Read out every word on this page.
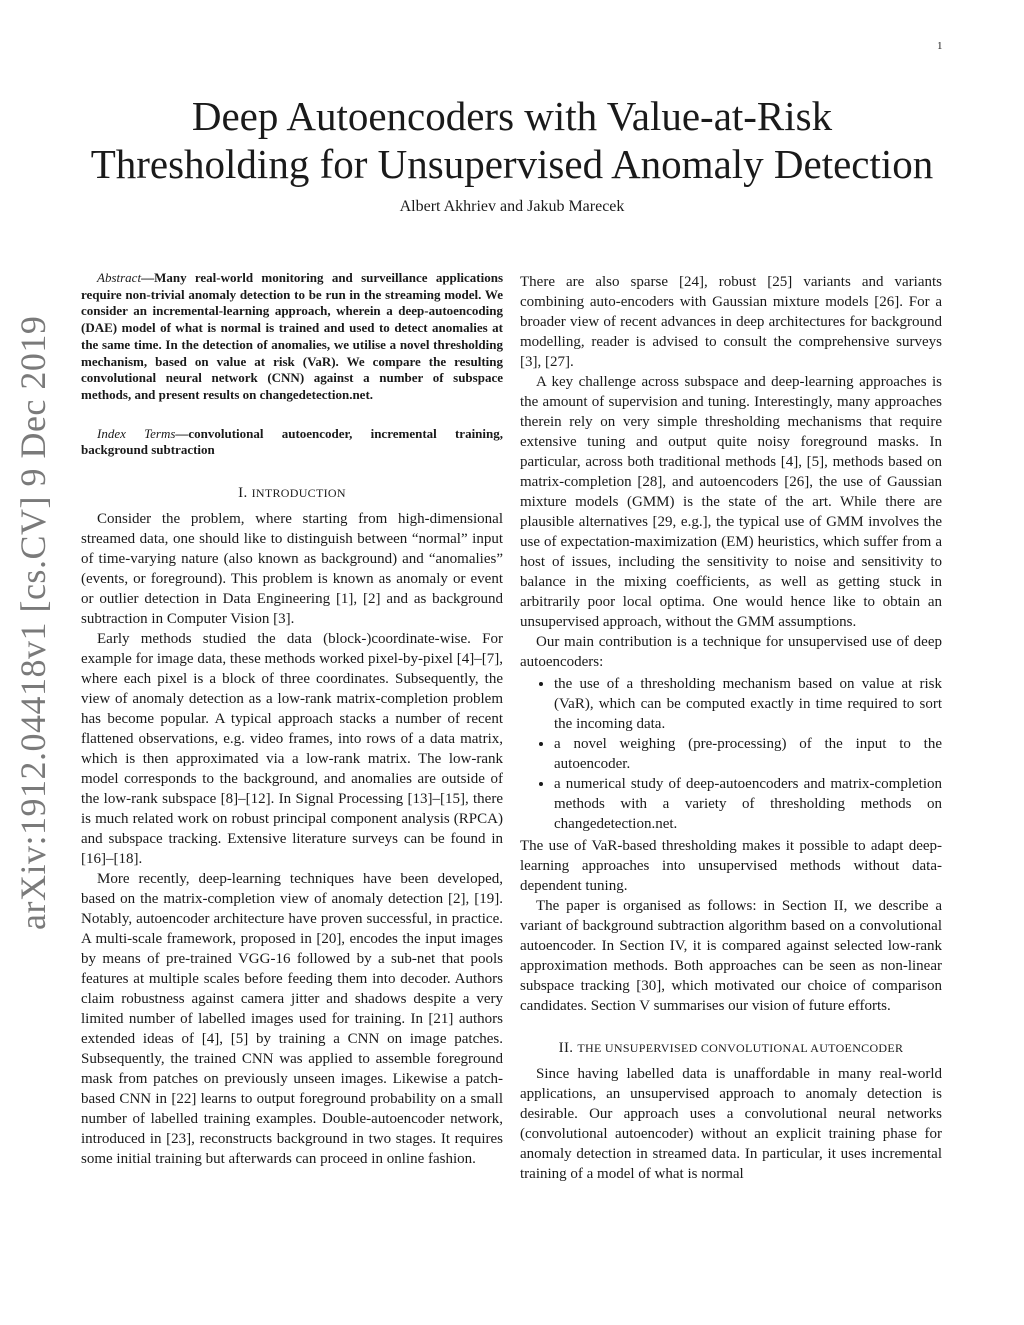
1
arXiv:1912.04418v1 [cs.CV] 9 Dec 2019
Deep Autoencoders with Value-at-Risk
Thresholding for Unsupervised Anomaly Detection
Albert Akhriev and Jakub Marecek

Abstract—Many real-world monitoring and surveillance applications require non-trivial anomaly detection to be run in the streaming model. We consider an incremental-learning approach, wherein a deep-autoencoding (DAE) model of what is normal is trained and used to detect anomalies at the same time. In the detection of anomalies, we utilise a novel thresholding mechanism, based on value at risk (VaR). We compare the resulting convolutional neural network (CNN) against a number of subspace methods, and present results on changedetection.net.

Index Terms—convolutional autoencoder, incremental training, background subtraction

I. INTRODUCTION

Consider the problem, where starting from high-dimensional streamed data, one should like to distinguish between “normal” input of time-varying nature (also known as background) and “anomalies” (events, or foreground). This problem is known as anomaly or event or outlier detection in Data Engineering [1], [2] and as background subtraction in Computer Vision [3].

Early methods studied the data (block-)coordinate-wise. For example for image data, these methods worked pixel-by-pixel [4]–[7], where each pixel is a block of three coordinates. Subsequently, the view of anomaly detection as a low-rank matrix-completion problem has become popular. A typical approach stacks a number of recent flattened observations, e.g. video frames, into rows of a data matrix, which is then approximated via a low-rank matrix. The low-rank model corresponds to the background, and anomalies are outside of the low-rank subspace [8]–[12]. In Signal Processing [13]–[15], there is much related work on robust principal component analysis (RPCA) and subspace tracking. Extensive literature surveys can be found in [16]–[18].

More recently, deep-learning techniques have been developed, based on the matrix-completion view of anomaly detection [2], [19]. Notably, autoencoder architecture have proven successful, in practice. A multi-scale framework, proposed in [20], encodes the input images by means of pre-trained VGG-16 followed by a sub-net that pools features at multiple scales before feeding them into decoder. Authors claim robustness against camera jitter and shadows despite a very limited number of labelled images used for training. In [21] authors extended ideas of [4], [5] by training a CNN on image patches. Subsequently, the trained CNN was applied to assemble foreground mask from patches on previously unseen images. Likewise a patch-based CNN in [22] learns to output foreground probability on a small number of labelled training examples. Double-autoencoder network, introduced in [23], reconstructs background in two stages. It requires some initial training but afterwards can proceed in online fashion.

There are also sparse [24], robust [25] variants and variants combining auto-encoders with Gaussian mixture models [26]. For a broader view of recent advances in deep architectures for background modelling, reader is advised to consult the comprehensive surveys [3], [27].

A key challenge across subspace and deep-learning approaches is the amount of supervision and tuning. Interestingly, many approaches therein rely on very simple thresholding mechanisms that require extensive tuning and output quite noisy foreground masks. In particular, across both traditional methods [4], [5], methods based on matrix-completion [28], and autoencoders [26], the use of Gaussian mixture models (GMM) is the state of the art. While there are plausible alternatives [29, e.g.], the typical use of GMM involves the use of expectation-maximization (EM) heuristics, which suffer from a host of issues, including the sensitivity to noise and sensitivity to balance in the mixing coefficients, as well as getting stuck in arbitrarily poor local optima. One would hence like to obtain an unsupervised approach, without the GMM assumptions.

Our main contribution is a technique for unsupervised use of deep autoencoders:

• the use of a thresholding mechanism based on value at risk (VaR), which can be computed exactly in time required to sort the incoming data.
• a novel weighing (pre-processing) of the input to the autoencoder.
• a numerical study of deep-autoencoders and matrix-completion methods with a variety of thresholding methods on changedetection.net.

The use of VaR-based thresholding makes it possible to adapt deep-learning approaches into unsupervised methods without data-dependent tuning.

The paper is organised as follows: in Section II, we describe a variant of background subtraction algorithm based on a convolutional autoencoder. In Section IV, it is compared against selected low-rank approximation methods. Both approaches can be seen as non-linear subspace tracking [30], which motivated our choice of comparison candidates. Section V summarises our vision of future efforts.

II. THE UNSUPERVISED CONVOLUTIONAL AUTOENCODER

Since having labelled data is unaffordable in many real-world applications, an unsupervised approach to anomaly detection is desirable. Our approach uses a convolutional neural networks (convolutional autoencoder) without an explicit training phase for anomaly detection in streamed data. In particular, it uses incremental training of a model of what is normal
